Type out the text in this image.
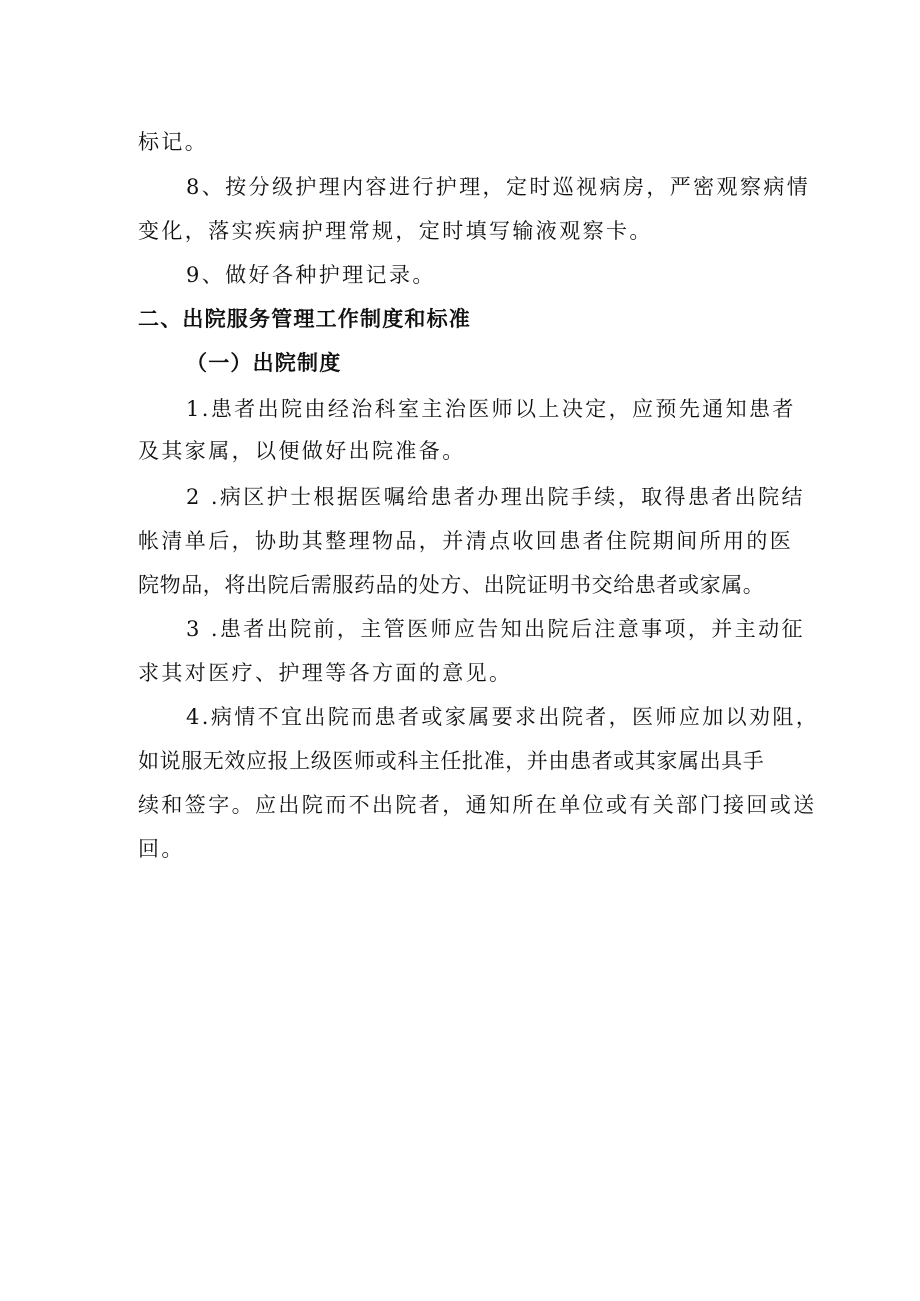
标记。
8、按分级护理内容进行护理，定时巡视病房，严密观察病情
变化，落实疾病护理常规，定时填写输液观察卡。
9、做好各种护理记录。
二、出院服务管理工作制度和标准
（一）出院制度
1.患者出院由经治科室主治医师以上决定，应预先通知患者
及其家属，以便做好出院准备。
2 .病区护士根据医嘱给患者办理出院手续，取得患者出院结
帐清单后，协助其整理物品，并清点收回患者住院期间所用的医
院物品，将出院后需服药品的处方、出院证明书交给患者或家属。
3 .患者出院前，主管医师应告知出院后注意事项，并主动征
求其对医疗、护理等各方面的意见。
4.病情不宜出院而患者或家属要求出院者，医师应加以劝阻，
如说服无效应报上级医师或科主任批准，并由患者或其家属出具手
续和签字。应出院而不出院者，通知所在单位或有关部门接回或送
回。
